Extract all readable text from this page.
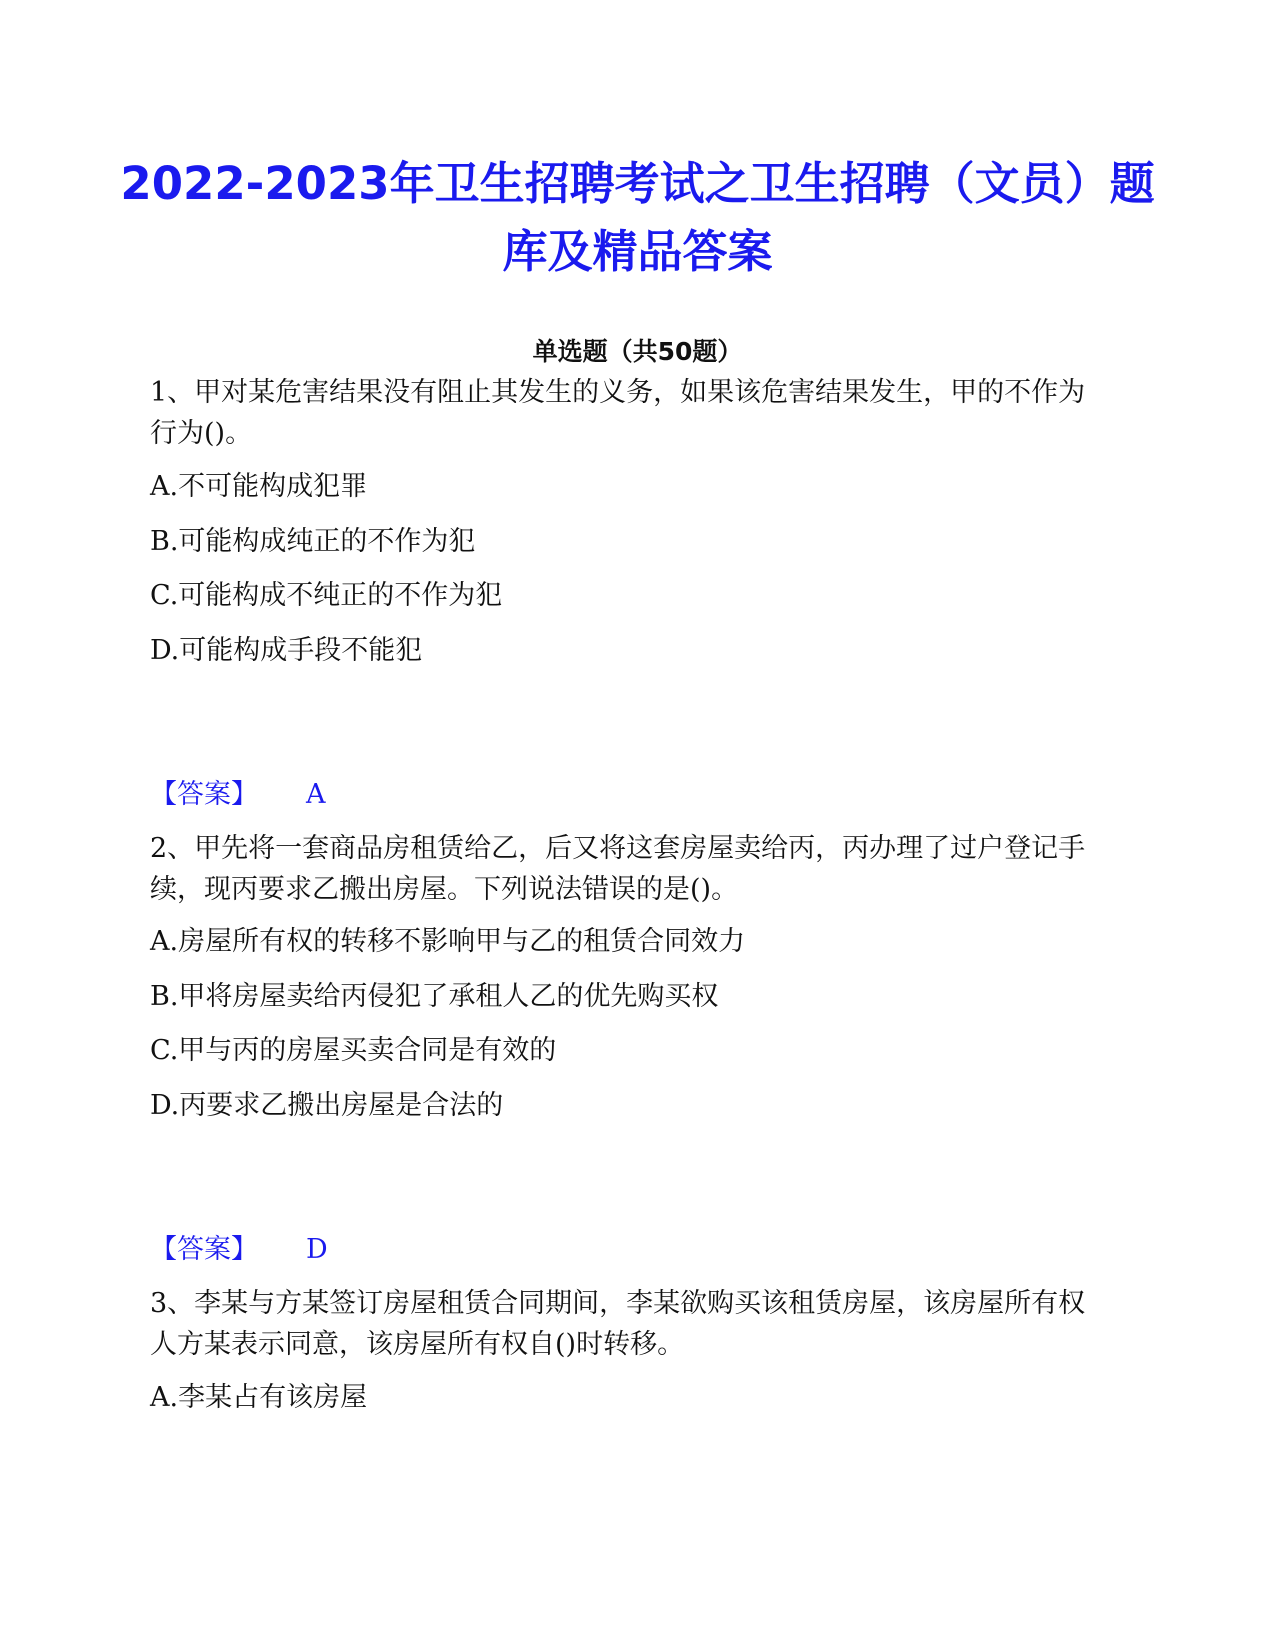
2022-2023年卫生招聘考试之卫生招聘（文员）题库及精品答案
单选题（共50题）

1、甲对某危害结果没有阻止其发生的义务，如果该危害结果发生，甲的不作为行为()。

A.不可能构成犯罪

B.可能构成纯正的不作为犯

C.可能构成不纯正的不作为犯

D.可能构成手段不能犯

【答案】 A

2、甲先将一套商品房租赁给乙，后又将这套房屋卖给丙，丙办理了过户登记手续，现丙要求乙搬出房屋。下列说法错误的是()。

A.房屋所有权的转移不影响甲与乙的租赁合同效力

B.甲将房屋卖给丙侵犯了承租人乙的优先购买权

C.甲与丙的房屋买卖合同是有效的

D.丙要求乙搬出房屋是合法的

【答案】 D

3、李某与方某签订房屋租赁合同期间，李某欲购买该租赁房屋，该房屋所有权人方某表示同意，该房屋所有权自()时转移。

A.李某占有该房屋
